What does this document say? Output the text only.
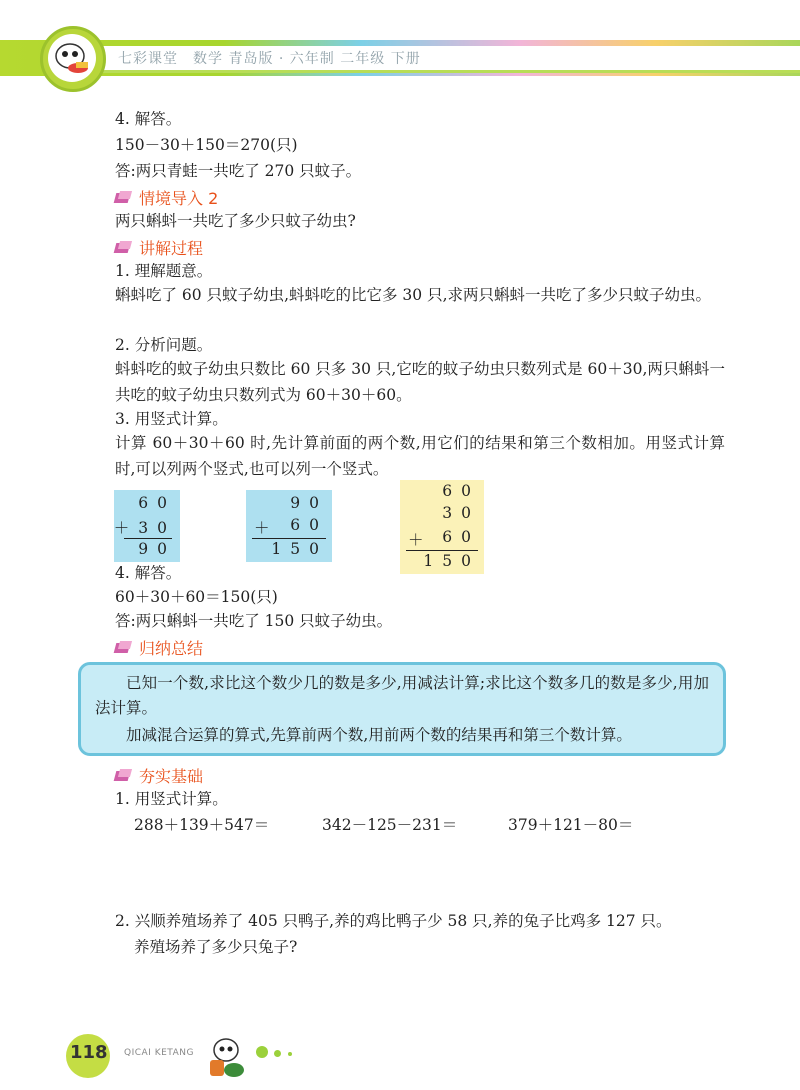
七彩课堂　数学 青岛版 · 六年制 二年级 下册
4. 解答。
150－30＋150＝270(只)
答:两只青蛙一共吃了 270 只蚊子。
情境导入 2
两只蝌蚪一共吃了多少只蚊子幼虫?
讲解过程
1. 理解题意。
蝌蚪吃了 60 只蚊子幼虫,蚪蚪吃的比它多 30 只,求两只蝌蚪一共吃了多少只蚊子幼虫。
2. 分析问题。
蚪蚪吃的蚊子幼虫只数比 60 只多 30 只,它吃的蚊子幼虫只数列式是 60＋30,两只蝌蚪一共吃的蚊子幼虫只数列式为 60＋30＋60。
3. 用竖式计算。
计算 60＋30＋60 时,先计算前面的两个数,用它们的结果和第三个数相加。用竖式计算时,可以列两个竖式,也可以列一个竖式。
60
＋30
90
90
＋ 60
150
60
30
＋ 60
150
4. 解答。
60＋30＋60＝150(只)
答:两只蝌蚪一共吃了 150 只蚊子幼虫。
归纳总结
已知一个数,求比这个数少几的数是多少,用减法计算;求比这个数多几的数是多少,用加法计算。
加减混合运算的算式,先算前两个数,用前两个数的结果再和第三个数计算。
夯实基础
1. 用竖式计算。
288＋139＋547＝	342－125－231＝	379＋121－80＝
2. 兴顺养殖场养了 405 只鸭子,养的鸡比鸭子少 58 只,养的兔子比鸡多 127 只。
养殖场养了多少只兔子?
118 QICAI KETANG
